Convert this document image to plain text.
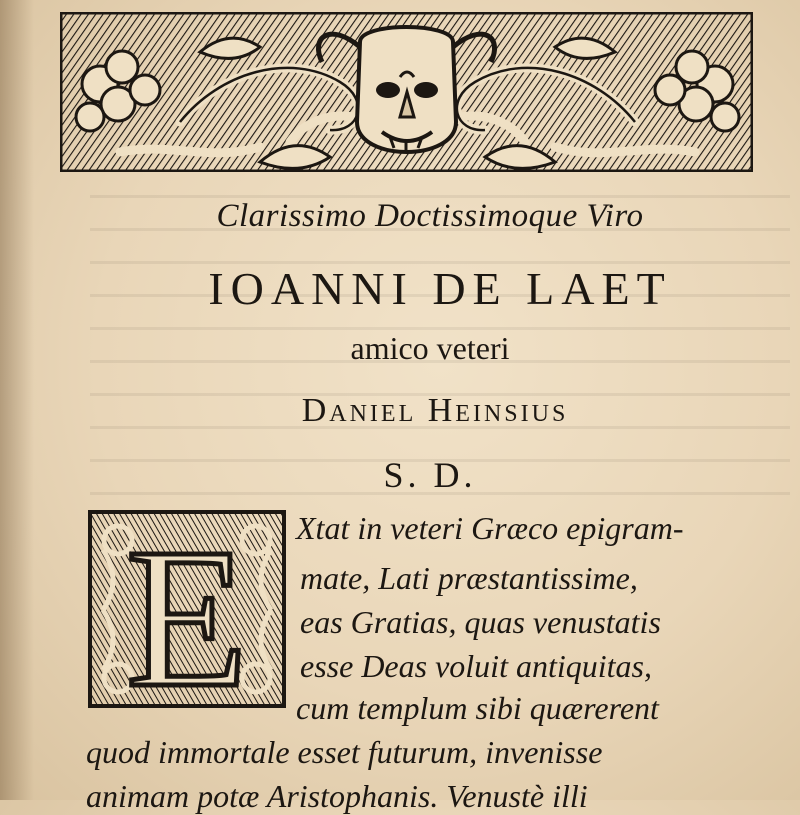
Clarissimo Doctissimoque Viro
IOANNI DE LAET
amico veteri
Daniel Heinsius
S. D.
E Xtat in veteri Græco epigram-
mate, Lati præstantissime,
eas Gratias, quas venustatis
esse Deas voluit antiquitas,
cum templum sibi quærerent
quod immortale esset futurum, invenisse
animam potæ Aristophanis. Venustè illi
